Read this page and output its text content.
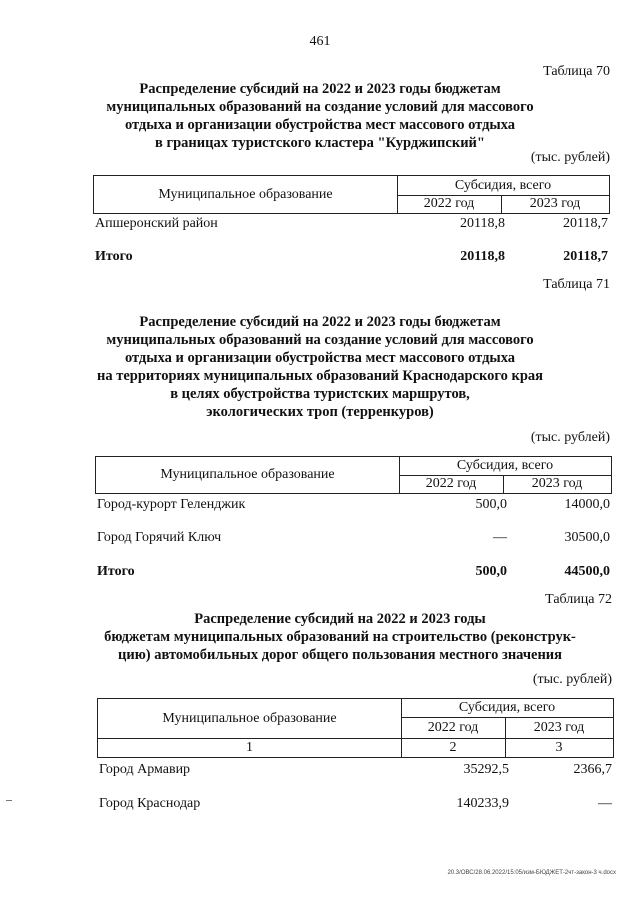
461
Таблица 70
Распределение субсидий на 2022 и 2023 годы бюджетам
муниципальных образований на создание условий для массового
отдыха и организации обустройства мест массового отдыха
в границах туристского кластера "Курджипский"
(тыс. рублей)
Муниципальное образование
Субсидия, всего
2022 год	2023 год
Апшеронский район	20118,8	20118,7
Итого	20118,8	20118,7
Таблица 71
Распределение субсидий на 2022 и 2023 годы бюджетам
муниципальных образований на создание условий для массового
отдыха и организации обустройства мест массового отдыха
на территориях муниципальных образований Краснодарского края
в целях обустройства туристских маршрутов,
экологических троп (терренкуров)
(тыс. рублей)
Муниципальное образование
Субсидия, всего
2022 год	2023 год
Город-курорт Геленджик	500,0	14000,0
Город Горячий Ключ	—	30500,0
Итого	500,0	44500,0
Таблица 72
Распределение субсидий на 2022 и 2023 годы
бюджетам муниципальных образований на строительство (реконструк-
цию) автомобильных дорог общего пользования местного значения
(тыс. рублей)
Муниципальное образование
Субсидия, всего
2022 год	2023 год
1	2	3
Город Армавир	35292,5	2366,7
Город Краснодар	140233,9	—
20.3/ОВС/28.06.2022/15:05/изм-БЮДЖЕТ-2чт-закон-3 ч.docx
